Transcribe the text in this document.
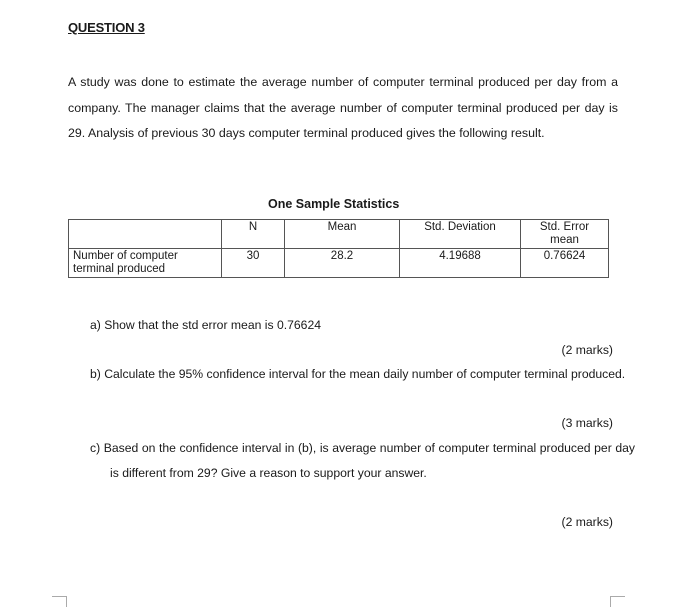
QUESTION 3
A study was done to estimate the average number of computer terminal produced per day from a company. The manager claims that the average number of computer terminal produced per day is 29. Analysis of previous 30 days computer terminal produced gives the following result.
One Sample Statistics
	N	Mean	Std. Deviation	Std. Error mean
Number of computer terminal produced	30	28.2	4.19688	0.76624
a) Show that the std error mean is 0.76624
(2 marks)
b) Calculate the 95% confidence interval for the mean daily number of computer terminal produced.
(3 marks)
c) Based on the confidence interval in (b), is average number of computer terminal produced per day is different from 29? Give a reason to support your answer.
(2 marks)
